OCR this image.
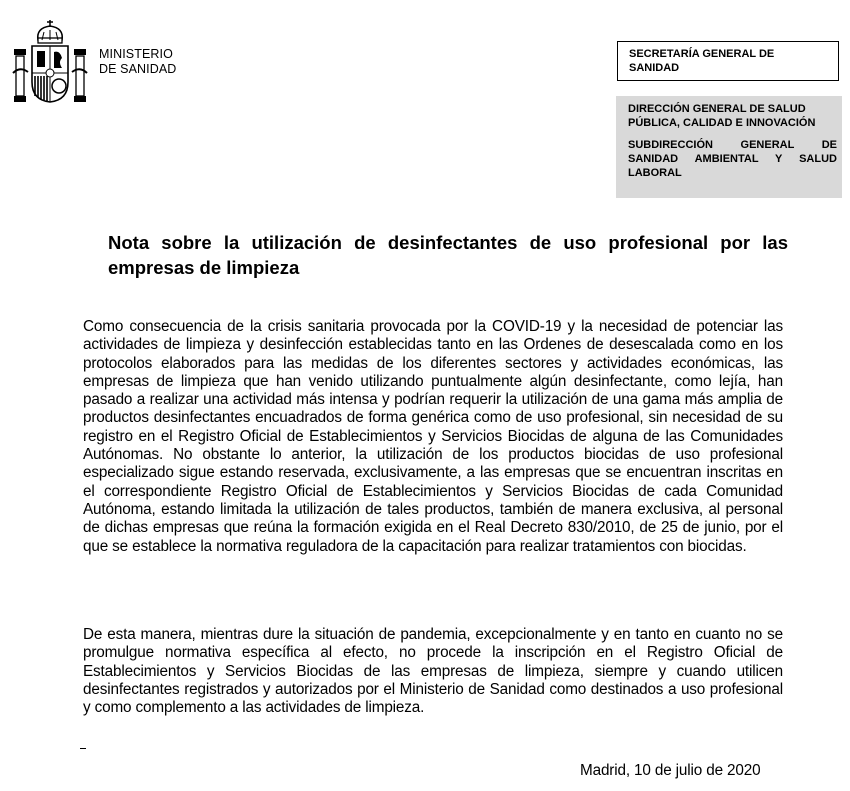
MINISTERIO
DE SANIDAD
SECRETARÍA GENERAL DE
SANIDAD
DIRECCIÓN GENERAL DE SALUD
PÚBLICA, CALIDAD E INNOVACIÓN
SUBDIRECCIÓN GENERAL DE SANIDAD AMBIENTAL Y SALUD LABORAL
Nota sobre la utilización de desinfectantes de uso profesional por las empresas de limpieza
Como consecuencia de la crisis sanitaria provocada por la COVID-19 y la necesidad de potenciar las actividades de limpieza y desinfección establecidas tanto en las Ordenes de desescalada como en los protocolos elaborados para las medidas de los diferentes sectores y actividades económicas, las empresas de limpieza que han venido utilizando puntualmente algún desinfectante, como lejía, han pasado a realizar una actividad más intensa y podrían requerir la utilización de una gama más amplia de productos desinfectantes encuadrados de forma genérica como de uso profesional, sin necesidad de su registro en el Registro Oficial de Establecimientos y Servicios Biocidas de alguna de las Comunidades Autónomas. No obstante lo anterior, la utilización de los productos biocidas de uso profesional especializado sigue estando reservada, exclusivamente, a las empresas que se encuentran inscritas en el correspondiente Registro Oficial de Establecimientos y Servicios Biocidas de cada Comunidad Autónoma, estando limitada la utilización de tales productos, también de manera exclusiva, al personal de dichas empresas que reúna la formación exigida en el Real Decreto 830/2010, de 25 de junio, por el que se establece la normativa reguladora de la capacitación para realizar tratamientos con biocidas.
De esta manera, mientras dure la situación de pandemia, excepcionalmente y en tanto en cuanto no se promulgue normativa específica al efecto, no procede la inscripción en el Registro Oficial de Establecimientos y Servicios Biocidas de las empresas de limpieza, siempre y cuando utilicen desinfectantes registrados y autorizados por el Ministerio de Sanidad como destinados a uso profesional y como complemento a las actividades de limpieza.
Madrid, 10 de julio de 2020
